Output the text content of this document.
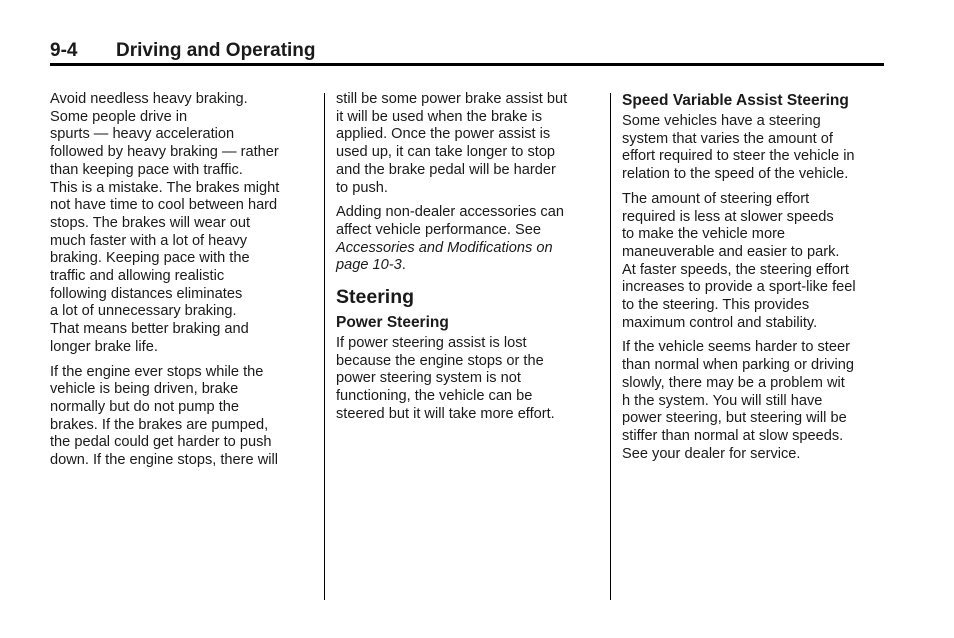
9-4 Driving and Operating

Avoid needless heavy braking.
Some people drive in
spurts — heavy acceleration
followed by heavy braking — rather
than keeping pace with traffic.
This is a mistake. The brakes might
not have time to cool between hard
stops. The brakes will wear out
much faster with a lot of heavy
braking. Keeping pace with the
traffic and allowing realistic
following distances eliminates
a lot of unnecessary braking.
That means better braking and
longer brake life.

If the engine ever stops while the
vehicle is being driven, brake
normally but do not pump the
brakes. If the brakes are pumped,
the pedal could get harder to push
down. If the engine stops, there will

still be some power brake assist but
it will be used when the brake is
applied. Once the power assist is
used up, it can take longer to stop
and the brake pedal will be harder
to push.

Adding non-dealer accessories can
affect vehicle performance. See
Accessories and Modifications on
page 10-3.

Steering
Power Steering

If power steering assist is lost
because the engine stops or the
power steering system is not
functioning, the vehicle can be
steered but it will take more effort.

Speed Variable Assist Steering

Some vehicles have a steering
system that varies the amount of
effort required to steer the vehicle in
relation to the speed of the vehicle.

The amount of steering effort
required is less at slower speeds
to make the vehicle more
maneuverable and easier to park.
At faster speeds, the steering effort
increases to provide a sport-like feel
to the steering. This provides
maximum control and stability.

If the vehicle seems harder to steer
than normal when parking or driving
slowly, there may be a problem wit
h the system. You will still have
power steering, but steering will be
stiffer than normal at slow speeds.
See your dealer for service.
